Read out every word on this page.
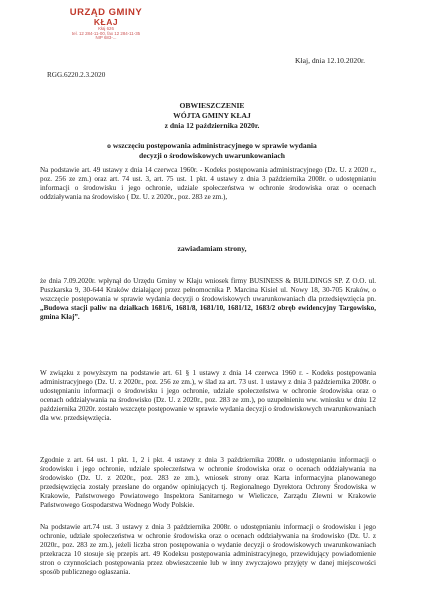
URZĄD GMINY
KŁAJ
Kłaj 626
tel. 12 284-11-00, fax 12 284-11-35
NIP 683-...
Kłaj, dnia 12.10.2020r.
RGG.6220.2.3.2020
OBWIESZCZENIE
WÓJTA GMINY KŁAJ
z dnia 12 października 2020r.
o wszczęciu postępowania administracyjnego w sprawie wydania
decyzji o środowiskowych uwarunkowaniach

Na podstawie art. 49 ustawy z dnia 14 czerwca 1960r. - Kodeks postępowania administracyjnego (Dz. U. z 2020 r., poz. 256 ze zm.) oraz art. 74 ust. 3, art. 75 ust. 1 pkt. 4 ustawy z dnia 3 października 2008r. o udostępnianiu informacji o środowisku i jego ochronie, udziale społeczeństwa w ochronie środowiska oraz o ocenach oddziaływania na środowisko ( Dz. U. z 2020r., poz. 283 ze zm.),

zawiadamiam strony,

że dnia 7.09.2020r. wpłynął do Urzędu Gminy w Kłaju wniosek firmy BUSINESS & BUILDINGS SP. Z O.O. ul. Puszkarska 9, 30-644 Kraków działającej przez pełnomocnika P. Marcina Kisiel ul. Nowy 18, 30-705 Kraków, o wszczęcie postępowania w sprawie wydania decyzji o środowiskowych uwarunkowaniach dla przedsięwzięcia pn. „Budowa stacji paliw na działkach 1681/6, 1681/8, 1681/10, 1681/12, 1683/2 obręb ewidencyjny Targowisko, gmina Kłaj”.

W związku z powyższym na podstawie art. 61 § 1 ustawy z dnia 14 czerwca 1960 r. - Kodeks postępowania administracyjnego (Dz. U. z 2020r., poz. 256 ze zm.), w ślad za art. 73 ust. 1 ustawy z dnia 3 października 2008r. o udostępnianiu informacji o środowisku i jego ochronie, udziale społeczeństwa w ochronie środowiska oraz o ocenach oddziaływania na środowisko (Dz. U. z 2020r., poz. 283 ze zm.), po uzupełnieniu ww. wniosku w dniu 12 października 2020r. zostało wszczęte postępowanie w sprawie wydania decyzji o środowiskowych uwarunkowaniach dla ww. przedsięwzięcia.

Zgodnie z art. 64 ust. 1 pkt. 1, 2 i pkt. 4 ustawy z dnia 3 października 2008r. o udostępnianiu informacji o środowisku i jego ochronie, udziale społeczeństwa w ochronie środowiska oraz o ocenach oddziaływania na środowisko (Dz. U. z 2020r., poz. 283 ze zm.), wniosek strony oraz Karta informacyjna planowanego przedsięwzięcia zostały przesłane do organów opiniujących tj. Regionalnego Dyrektora Ochrony Środowiska w Krakowie, Państwowego Powiatowego Inspektora Sanitarnego w Wieliczce, Zarządu Zlewni w Krakowie Państwowego Gospodarstwa Wodnego Wody Polskie.

Na podstawie art.74 ust. 3 ustawy z dnia 3 października 2008r. o udostępnianiu informacji o środowisku i jego ochronie, udziale społeczeństwa w ochronie środowiska oraz o ocenach oddziaływania na środowisko (Dz. U. z 2020r., poz. 283 ze zm.), jeżeli liczba stron postępowania o wydanie decyzji o środowiskowych uwarunkowaniach przekracza 10 stosuje się przepis art. 49 Kodeksu postępowania administracyjnego, przewidujący powiadomienie stron o czynnościach postępowania przez obwieszczenie lub w inny zwyczajowo przyjęty w danej miejscowości sposób publicznego ogłaszania.
